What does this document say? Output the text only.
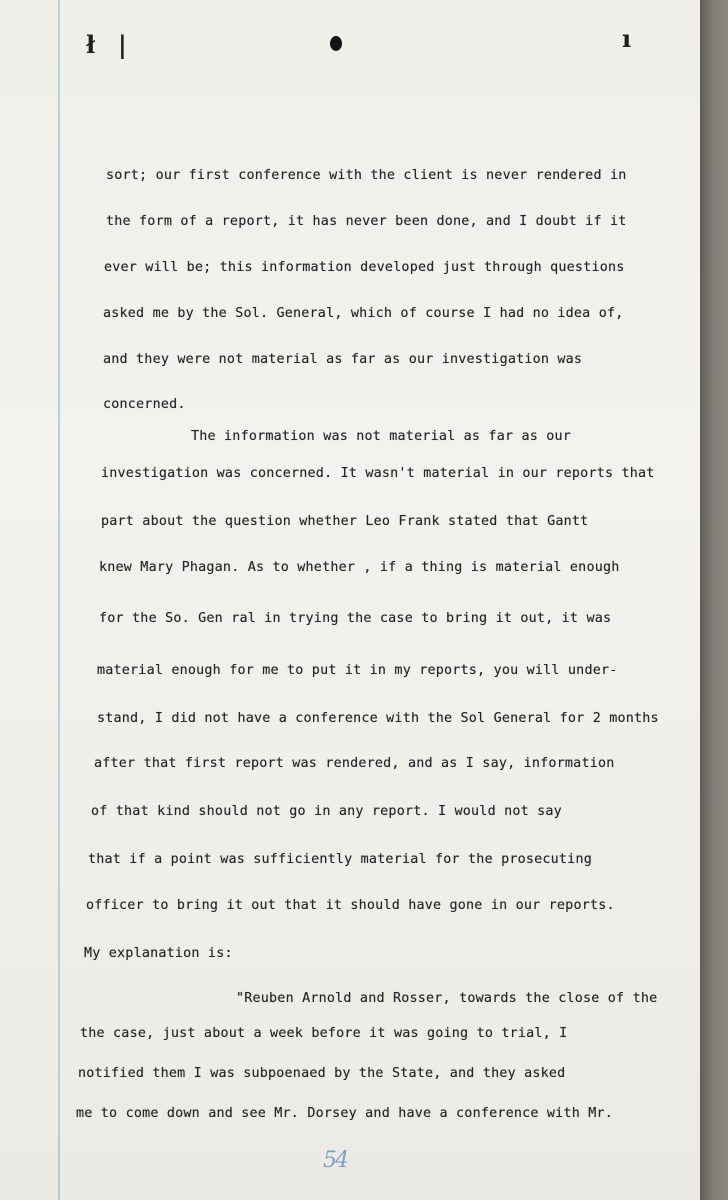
ł |	ı
sort; our first conference with the client is never rendered in
the form of a report, it has never been done, and I doubt if it
ever will be; this information developed just through questions
asked me by the Sol. General, which of course I had no idea of,
and they were not material as far as our investigation was
concerned.
The information was not material as far as our
investigation was concerned. It wasn't material in our reports that
part about the question whether Leo Frank stated that Gantt
knew Mary Phagan. As to whether , if a thing is material enough
for the So. Gen ral in trying the case to bring it out, it was
material enough for me to put it in my reports, you will under-
stand, I did not have a conference with the Sol General for 2 months
after that first report was rendered, and as I say, information
of that kind should not go in any report. I would not say
that if a point was sufficiently material for the prosecuting
officer to bring it out that it should have gone in our reports.
My explanation is:
"Reuben Arnold and Rosser, towards the close of the
the case, just about a week before it was going to trial, I
notified them I was subpoenaed by the State, and they asked
me to come down and see Mr. Dorsey and have a conference with Mr.
54
